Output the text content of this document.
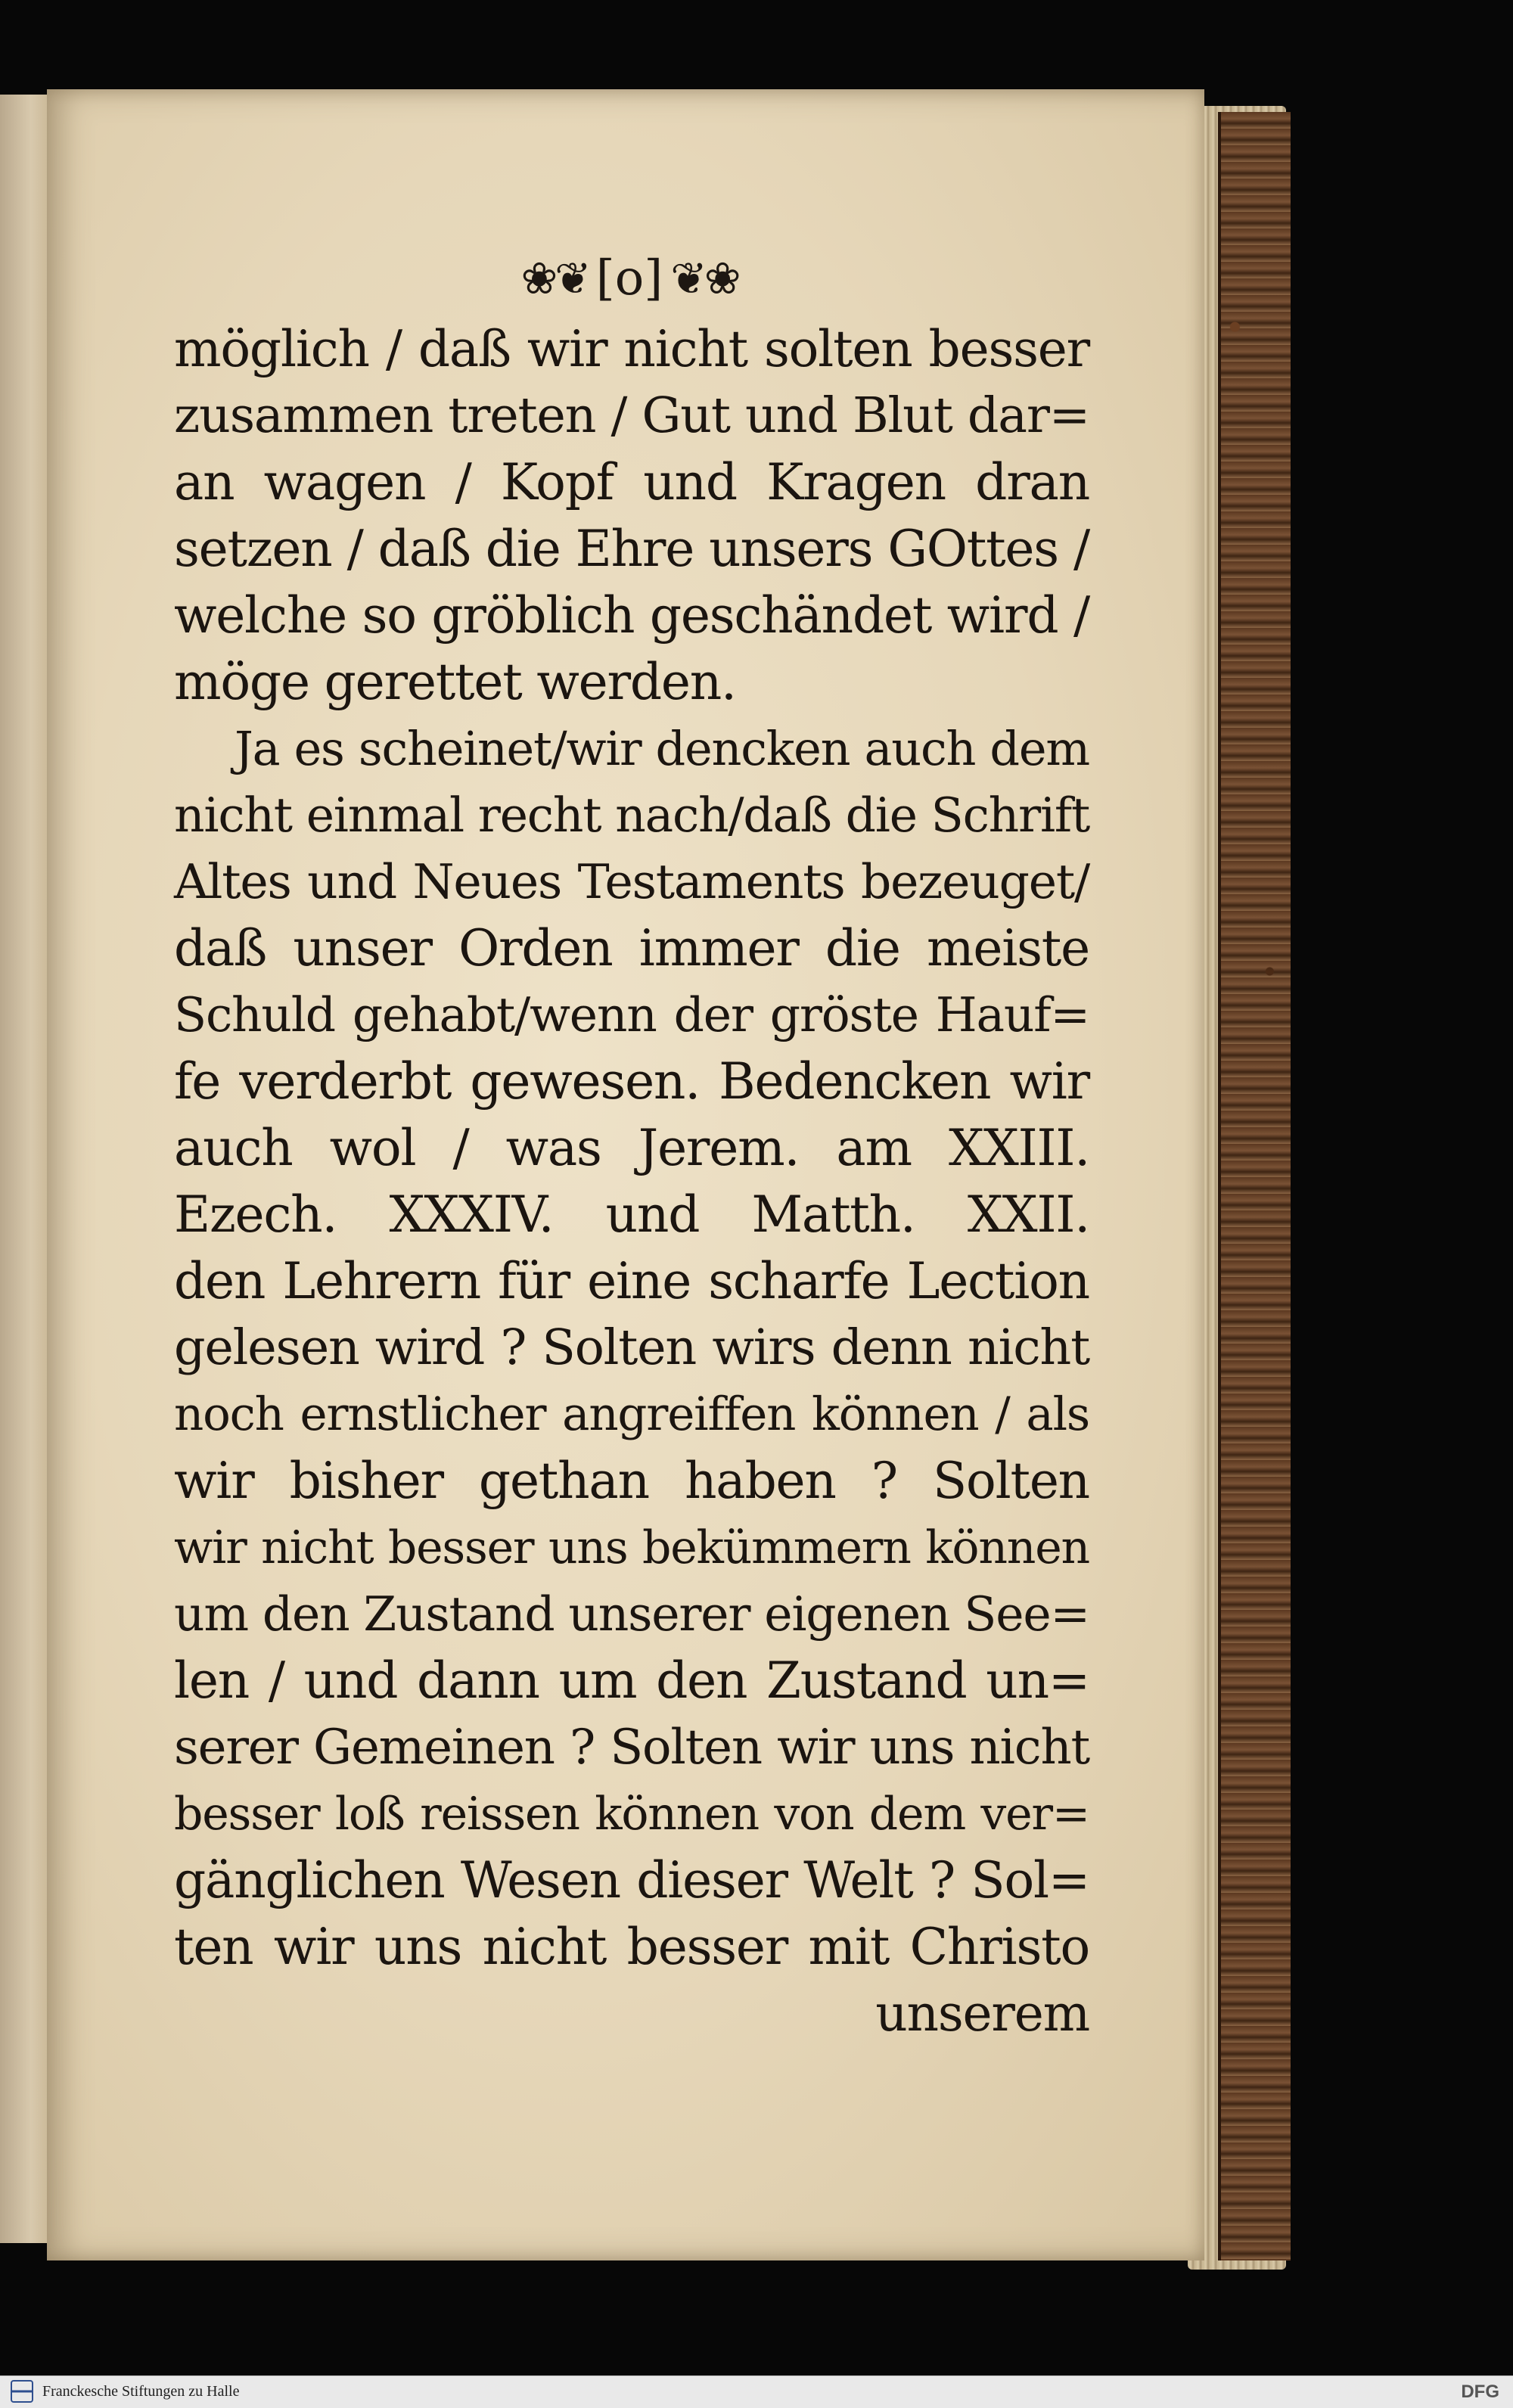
❀❦ [o] ❦❀
möglich / daß wir nicht solten besser
zusammen treten / Gut und Blut dar=
an wagen / Kopf und Kragen dran
setzen / daß die Ehre unsers GOttes /
welche so gröblich geschändet wird /
möge gerettet werden.
Ja es scheinet/wir dencken auch dem
nicht einmal recht nach/daß die Schrift
Altes und Neues Testaments bezeuget/
daß unser Orden immer die meiste
Schuld gehabt/wenn der gröste Hauf=
fe verderbt gewesen. Bedencken wir
auch wol / was Jerem. am XXIII.
Ezech. XXXIV. und Matth. XXII.
den Lehrern für eine scharfe Lection
gelesen wird ? Solten wirs denn nicht
noch ernstlicher angreiffen können / als
wir bisher gethan haben ? Solten
wir nicht besser uns bekümmern können
um den Zustand unserer eigenen See=
len / und dann um den Zustand un=
serer Gemeinen ? Solten wir uns nicht
besser loß reissen können von dem ver=
gänglichen Wesen dieser Welt ? Sol=
ten wir uns nicht besser mit Christo
unserem
Franckesche Stiftungen zu Halle	DFG
